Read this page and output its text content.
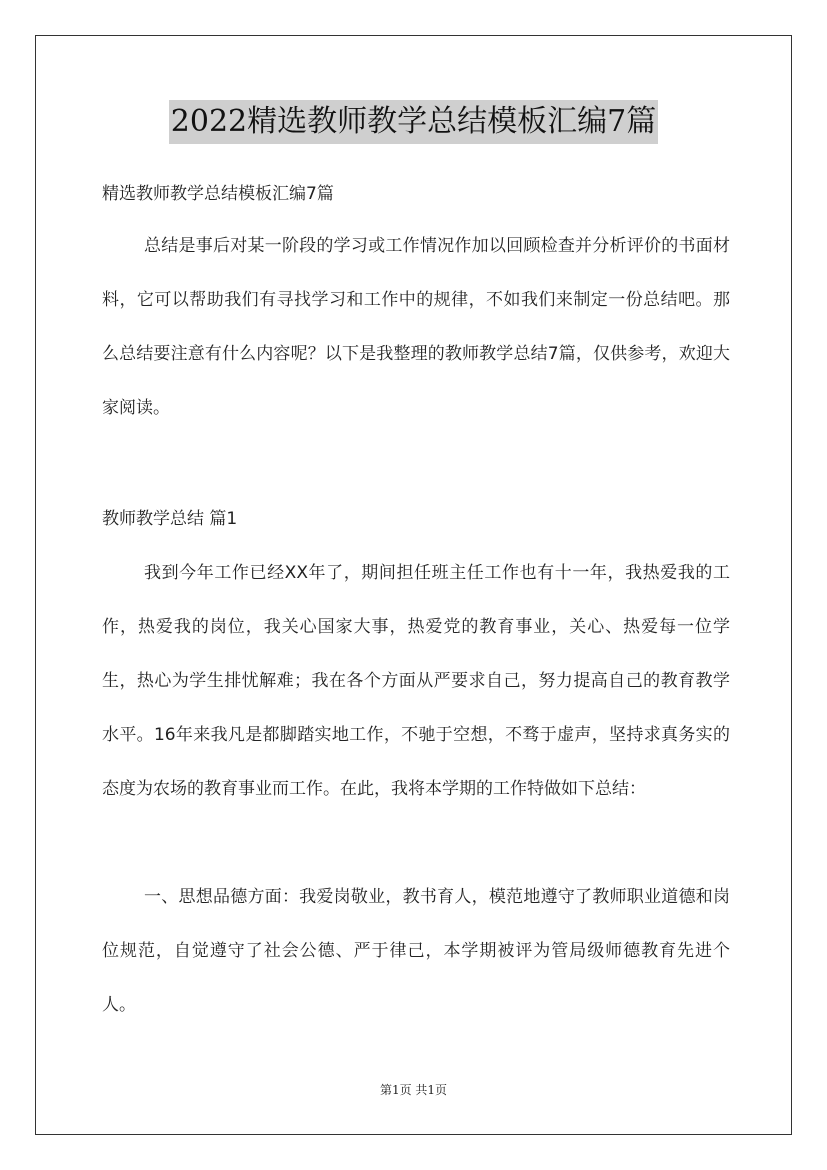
2022精选教师教学总结模板汇编7篇
精选教师教学总结模板汇编7篇

总结是事后对某一阶段的学习或工作情况作加以回顾检查并分析评价的书面材料，它可以帮助我们有寻找学习和工作中的规律，不如我们来制定一份总结吧。那么总结要注意有什么内容呢？以下是我整理的教师教学总结7篇，仅供参考，欢迎大家阅读。

教师教学总结 篇1

我到今年工作已经XX年了，期间担任班主任工作也有十一年，我热爱我的工作，热爱我的岗位，我关心国家大事，热爱党的教育事业，关心、热爱每一位学生，热心为学生排忧解难；我在各个方面从严要求自己，努力提高自己的教育教学水平。16年来我凡是都脚踏实地工作，不驰于空想，不骛于虚声，坚持求真务实的态度为农场的教育事业而工作。在此，我将本学期的工作特做如下总结：

一、思想品德方面：我爱岗敬业，教书育人，模范地遵守了教师职业道德和岗位规范，自觉遵守了社会公德、严于律己，本学期被评为管局级师德教育先进个人。

第1页 共1页
